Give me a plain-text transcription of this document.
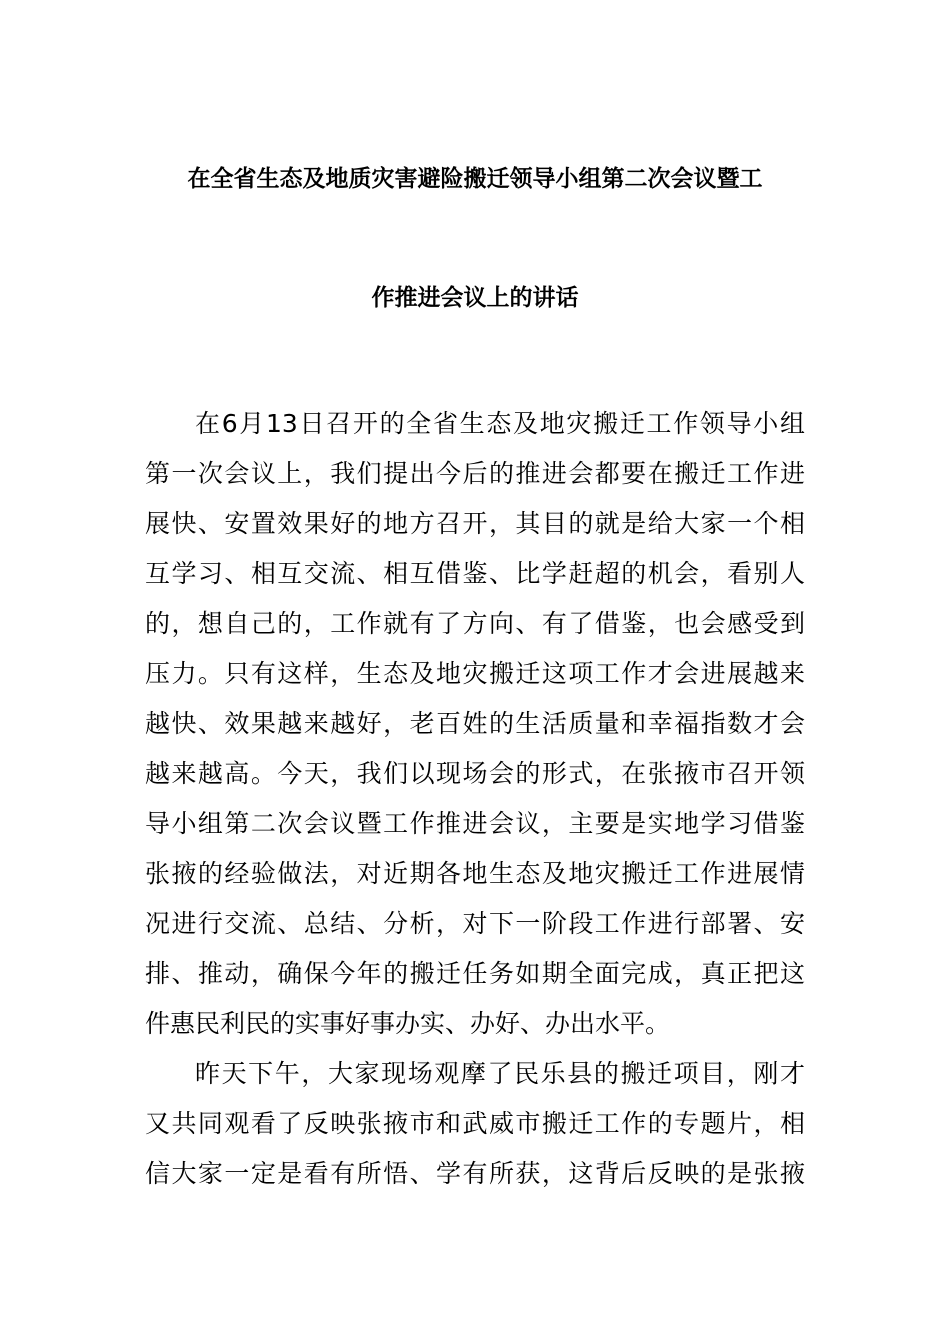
在全省生态及地质灾害避险搬迁领导小组第二次会议暨工
作推进会议上的讲话
在6月13日召开的全省生态及地灾搬迁工作领导小组
第一次会议上，我们提出今后的推进会都要在搬迁工作进
展快、安置效果好的地方召开，其目的就是给大家一个相
互学习、相互交流、相互借鉴、比学赶超的机会，看别人
的，想自己的，工作就有了方向、有了借鉴，也会感受到
压力。只有这样，生态及地灾搬迁这项工作才会进展越来
越快、效果越来越好，老百姓的生活质量和幸福指数才会
越来越高。今天，我们以现场会的形式，在张掖市召开领
导小组第二次会议暨工作推进会议，主要是实地学习借鉴
张掖的经验做法，对近期各地生态及地灾搬迁工作进展情
况进行交流、总结、分析，对下一阶段工作进行部署、安
排、推动，确保今年的搬迁任务如期全面完成，真正把这
件惠民利民的实事好事办实、办好、办出水平。
昨天下午，大家现场观摩了民乐县的搬迁项目，刚才
又共同观看了反映张掖市和武威市搬迁工作的专题片，相
信大家一定是看有所悟、学有所获，这背后反映的是张掖
